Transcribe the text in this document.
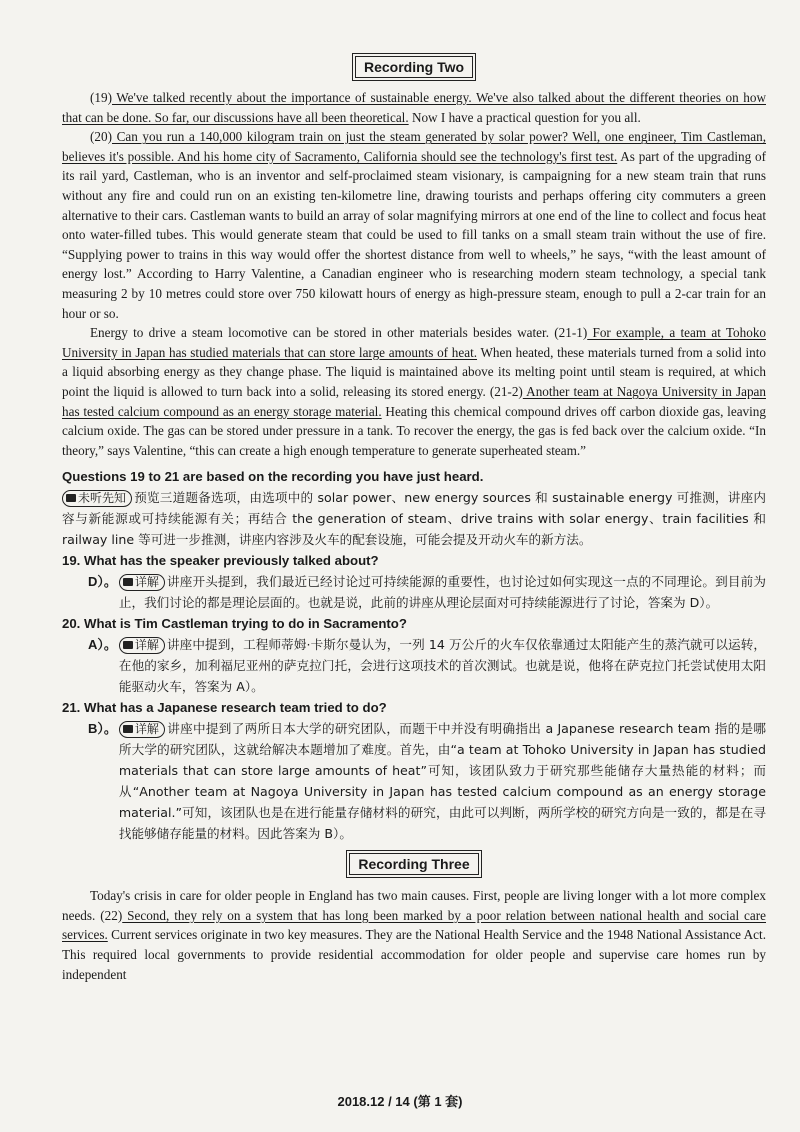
Recording Two

(19) We've talked recently about the importance of sustainable energy. We've also talked about the different theories on how that can be done. So far, our discussions have all been theoretical. Now I have a practical question for you all.

(20) Can you run a 140,000 kilogram train on just the steam generated by solar power? Well, one engineer, Tim Castleman, believes it's possible. And his home city of Sacramento, California should see the technology's first test. As part of the upgrading of its rail yard, Castleman, who is an inventor and self-proclaimed steam visionary, is campaigning for a new steam train that runs without any fire and could run on an existing ten-kilometre line, drawing tourists and perhaps offering city commuters a green alternative to their cars. Castleman wants to build an array of solar magnifying mirrors at one end of the line to collect and focus heat onto water-filled tubes. This would generate steam that could be used to fill tanks on a small steam train without the use of fire. “Supplying power to trains in this way would offer the shortest distance from well to wheels,” he says, “with the least amount of energy lost.” According to Harry Valentine, a Canadian engineer who is researching modern steam technology, a special tank measuring 2 by 10 metres could store over 750 kilowatt hours of energy as high-pressure steam, enough to pull a 2-car train for an hour or so.

Energy to drive a steam locomotive can be stored in other materials besides water. (21-1) For example, a team at Tohoko University in Japan has studied materials that can store large amounts of heat. When heated, these materials turned from a solid into a liquid absorbing energy as they change phase. The liquid is maintained above its melting point until steam is required, at which point the liquid is allowed to turn back into a solid, releasing its stored energy. (21-2) Another team at Nagoya University in Japan has tested calcium compound as an energy storage material. Heating this chemical compound drives off carbon dioxide gas, leaving calcium oxide. The gas can be stored under pressure in a tank. To recover the energy, the gas is fed back over the calcium oxide. “In theory,” says Valentine, “this can create a high enough temperature to generate superheated steam.”

Questions 19 to 21 are based on the recording you have just heard.
未听先知 预览三道题备选项，由选项中的 solar power、new energy sources 和 sustainable energy 可推测，讲座内容与新能源或可持续能源有关；再结合 the generation of steam、drive trains with solar energy、train facilities 和 railway line 等可进一步推测，讲座内容涉及火车的配套设施，可能会提及开动火车的新方法。
19. What has the speaker previously talked about?
D）。	详解 讲座开头提到，我们最近已经讨论过可持续能源的重要性，也讨论过如何实现这一点的不同理论。到目前为止，我们讨论的都是理论层面的。也就是说，此前的讲座从理论层面对可持续能源进行了讨论，答案为 D）。
20. What is Tim Castleman trying to do in Sacramento?
A）。	详解 讲座中提到，工程师蒂姆·卡斯尔曼认为，一列 14 万公斤的火车仅依靠通过太阳能产生的蒸汽就可以运转，在他的家乡，加利福尼亚州的萨克拉门托，会进行这项技术的首次测试。也就是说，他将在萨克拉门托尝试使用太阳能驱动火车，答案为 A）。
21. What has a Japanese research team tried to do?
B）。	详解 讲座中提到了两所日本大学的研究团队，而题干中并没有明确指出 a Japanese research team 指的是哪所大学的研究团队，这就给解决本题增加了难度。首先，由“a team at Tohoko University in Japan has studied materials that can store large amounts of heat”可知，该团队致力于研究那些能储存大量热能的材料；而从“Another team at Nagoya University in Japan has tested calcium compound as an energy storage material.”可知，该团队也是在进行能量存储材料的研究，由此可以判断，两所学校的研究方向是一致的，都是在寻找能够储存能量的材料。因此答案为 B）。
Recording Three

Today's crisis in care for older people in England has two main causes. First, people are living longer with a lot more complex needs. (22) Second, they rely on a system that has long been marked by a poor relation between national health and social care services. Current services originate in two key measures. They are the National Health Service and the 1948 National Assistance Act. This required local governments to provide residential accommodation for older people and supervise care homes run by independent

2018.12 / 14 (第 1 套)
